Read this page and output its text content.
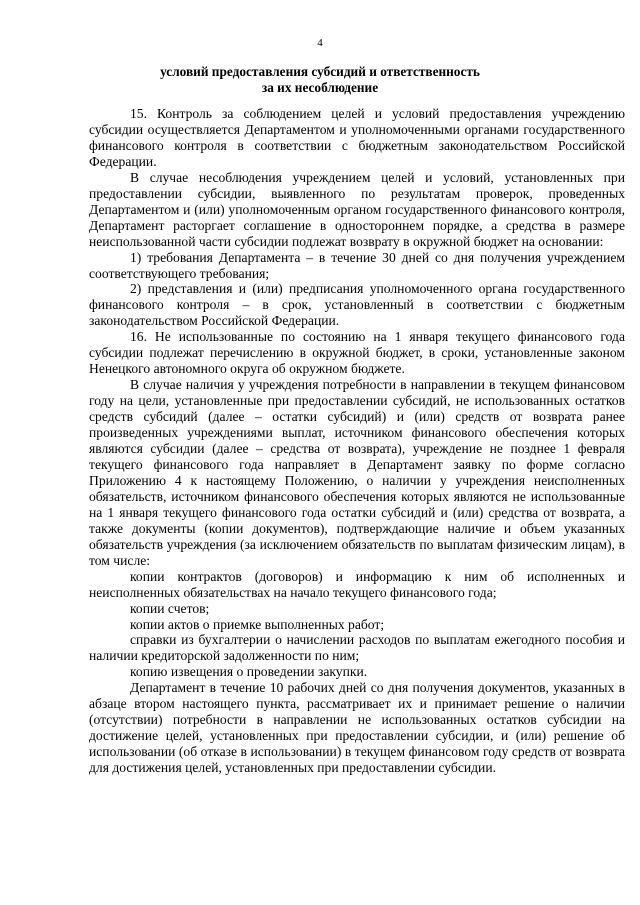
4
условий предоставления субсидий и ответственность
за их несоблюдение

15. Контроль за соблюдением целей и условий предоставления учреждению субсидии осуществляется Департаментом и уполномоченными органами государственного финансового контроля в соответствии с бюджетным законодательством Российской Федерации.

В случае несоблюдения учреждением целей и условий, установленных при предоставлении субсидии, выявленного по результатам проверок, проведенных Департаментом и (или) уполномоченным органом государственного финансового контроля, Департамент расторгает соглашение в одностороннем порядке, а средства в размере неиспользованной части субсидии подлежат возврату в окружной бюджет на основании:

1) требования Департамента – в течение 30 дней со дня получения учреждением соответствующего требования;

2) представления и (или) предписания уполномоченного органа государственного финансового контроля – в срок, установленный в соответствии с бюджетным законодательством Российской Федерации.

16. Не использованные по состоянию на 1 января текущего финансового года субсидии подлежат перечислению в окружной бюджет, в сроки, установленные законом Ненецкого автономного округа об окружном бюджете.

В случае наличия у учреждения потребности в направлении в текущем финансовом году на цели, установленные при предоставлении субсидий, не использованных остатков средств субсидий (далее – остатки субсидий) и (или) средств от возврата ранее произведенных учреждениями выплат, источником финансового обеспечения которых являются субсидии (далее – средства от возврата), учреждение не позднее 1 февраля текущего финансового года направляет в Департамент заявку по форме согласно Приложению 4 к настоящему Положению, о наличии у учреждения неисполненных обязательств, источником финансового обеспечения которых являются не использованные на 1 января текущего финансового года остатки субсидий и (или) средства от возврата, а также документы (копии документов), подтверждающие наличие и объем указанных обязательств учреждения (за исключением обязательств по выплатам физическим лицам), в том числе:

копии контрактов (договоров) и информацию к ним об исполненных и неисполненных обязательствах на начало текущего финансового года;

копии счетов;

копии актов о приемке выполненных работ;

справки из бухгалтерии о начислении расходов по выплатам ежегодного пособия и наличии кредиторской задолженности по ним;

копию извещения о проведении закупки.

Департамент в течение 10 рабочих дней со дня получения документов, указанных в абзаце втором настоящего пункта, рассматривает их и принимает решение о наличии (отсутствии) потребности в направлении не использованных остатков субсидии на достижение целей, установленных при предоставлении субсидии, и (или) решение об использовании (об отказе в использовании) в текущем финансовом году средств от возврата для достижения целей, установленных при предоставлении субсидии.
